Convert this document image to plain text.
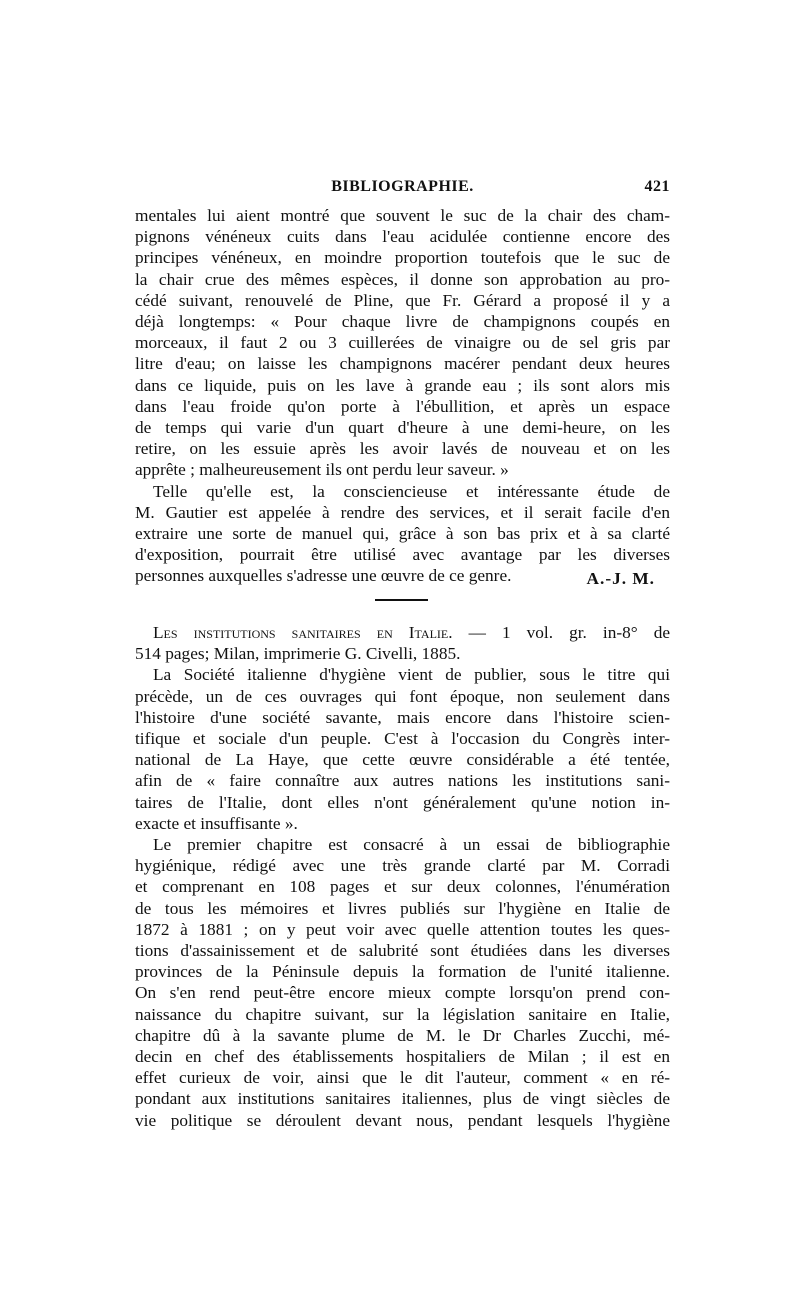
BIBLIOGRAPHIE.	421
mentales lui aient montré que souvent le suc de la chair des cham-
pignons vénéneux cuits dans l'eau acidulée contienne encore des
principes vénéneux, en moindre proportion toutefois que le suc de
la chair crue des mêmes espèces, il donne son approbation au pro-
cédé suivant, renouvelé de Pline, que Fr. Gérard a proposé il y a
déjà longtemps: « Pour chaque livre de champignons coupés en
morceaux, il faut 2 ou 3 cuillerées de vinaigre ou de sel gris par
litre d'eau; on laisse les champignons macérer pendant deux heures
dans ce liquide, puis on les lave à grande eau ; ils sont alors mis
dans l'eau froide qu'on porte à l'ébullition, et après un espace
de temps qui varie d'un quart d'heure à une demi-heure, on les
retire, on les essuie après les avoir lavés de nouveau et on les
apprête ; malheureusement ils ont perdu leur saveur. »
Telle qu'elle est, la consciencieuse et intéressante étude de
M. Gautier est appelée à rendre des services, et il serait facile d'en
extraire une sorte de manuel qui, grâce à son bas prix et à sa clarté
d'exposition, pourrait être utilisé avec avantage par les diverses
personnes auxquelles s'adresse une œuvre de ce genre.	A.-J. M.
Les institutions sanitaires en Italie. — 1 vol. gr. in-8° de
514 pages; Milan, imprimerie G. Civelli, 1885.
La Société italienne d'hygiène vient de publier, sous le titre qui
précède, un de ces ouvrages qui font époque, non seulement dans
l'histoire d'une société savante, mais encore dans l'histoire scien-
tifique et sociale d'un peuple. C'est à l'occasion du Congrès inter-
national de La Haye, que cette œuvre considérable a été tentée,
afin de « faire connaître aux autres nations les institutions sani-
taires de l'Italie, dont elles n'ont généralement qu'une notion in-
exacte et insuffisante ».
Le premier chapitre est consacré à un essai de bibliographie
hygiénique, rédigé avec une très grande clarté par M. Corradi
et comprenant en 108 pages et sur deux colonnes, l'énumération
de tous les mémoires et livres publiés sur l'hygiène en Italie de
1872 à 1881 ; on y peut voir avec quelle attention toutes les ques-
tions d'assainissement et de salubrité sont étudiées dans les diverses
provinces de la Péninsule depuis la formation de l'unité italienne.
On s'en rend peut-être encore mieux compte lorsqu'on prend con-
naissance du chapitre suivant, sur la législation sanitaire en Italie,
chapitre dû à la savante plume de M. le Dr Charles Zucchi, mé-
decin en chef des établissements hospitaliers de Milan ; il est en
effet curieux de voir, ainsi que le dit l'auteur, comment « en ré-
pondant aux institutions sanitaires italiennes, plus de vingt siècles de
vie politique se déroulent devant nous, pendant lesquels l'hygiène
